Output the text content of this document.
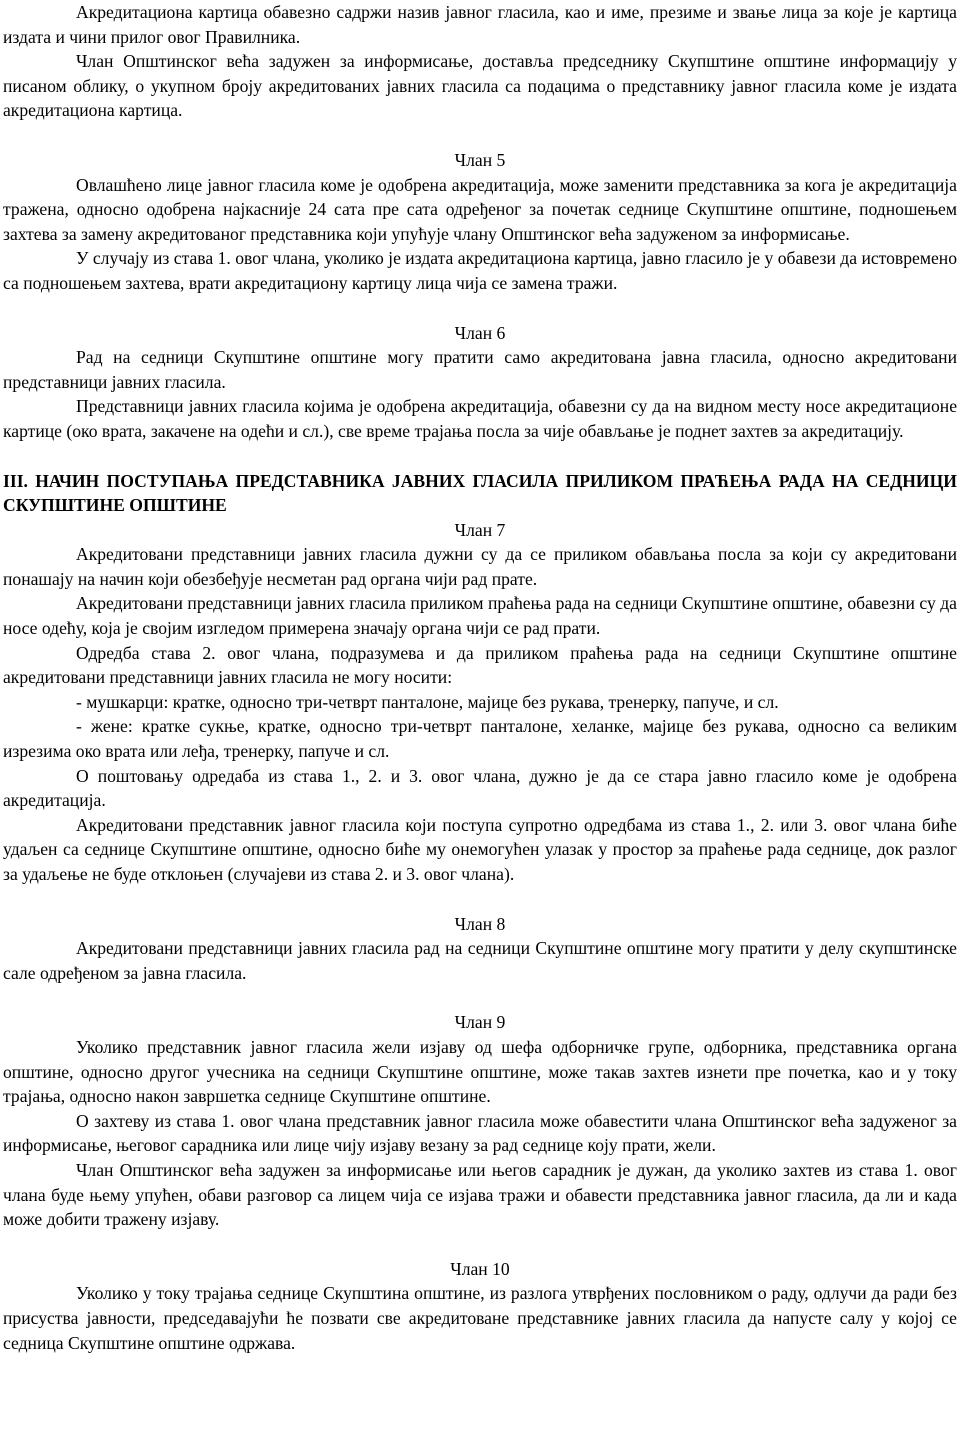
Акредитациона картица обавезно садржи назив јавног гласила, као и име, презиме и звање лица за које је картица издата и чини прилог овог Правилника.

Члан Општинског већа задужен за информисање, доставља председнику Скупштине општине информацију у писаном облику, о укупном броју акредитованих јавних гласила са подацима о представнику јавног гласила коме је издата акредитациона картица.

Члан 5

Овлашћено лице јавног гласила коме је одобрена акредитација, може заменити представника за кога је акредитација тражена, односно одобрена најкасније 24 сата пре сата одређеног за почетак седнице Скупштине општине, подношењем захтева за замену акредитованог представника који упућује члану Општинског већа задуженом за информисање.

У случају из става 1. овог члана, уколико је издата акредитациона картица, јавно гласило је у обавези да истовремено са подношењем захтева, врати акредитациону картицу лица чија се замена тражи.

Члан 6

Рад на седници Скупштине општине могу пратити само акредитована јавна гласила, односно акредитовани представници јавних гласила.

Представници јавних гласила којима је одобрена акредитација, обавезни су да на видном месту носе акредитационе картице (око врата, закачене на одећи и сл.), све време трајања посла за чије обављање је поднет захтев за акредитацију.

III. НАЧИН ПОСТУПАЊА ПРЕДСТАВНИКА ЈАВНИХ ГЛАСИЛА ПРИЛИКОМ ПРАЋЕЊА РАДА НА СЕДНИЦИ СКУПШТИНЕ ОПШТИНЕ

Члан 7

Акредитовани представници јавних гласила дужни су да се приликом обављања посла за који су акредитовани понашају на начин који обезбеђује несметан рад органа чији рад прате.

Акредитовани представници јавних гласила приликом праћења рада на седници Скупштине општине, обавезни су да носе одећу, која је својим изгледом примерена значају органа чији се рад прати.

Одредба става 2. овог члана, подразумева и да приликом праћења рада на седници Скупштине општине акредитовани представници јавних гласила не могу носити:

- мушкарци: кратке, односно три-четврт панталоне, мајице без рукава, тренерку, папуче, и сл.

- жене: кратке сукње, кратке, односно три-четврт панталоне, хеланке, мајице без рукава, односно са великим изрезима око врата или леђа, тренерку, папуче и сл.

О поштовању одредаба из става 1., 2. и 3. овог члана, дужно је да се стара јавно гласило коме је одобрена акредитација.

Акредитовани представник јавног гласила који поступа супротно одредбама из става 1., 2. или 3. овог члана биће удаљен са седнице Скупштине општине, односно биће му онемогућен улазак у простор за праћење рада седнице, док разлог за удаљење не буде отклоњен (случајеви из става 2. и 3. овог члана).

Члан 8

Акредитовани представници јавних гласила рад на седници Скупштине општине могу пратити у делу скупштинске сале одређеном за јавна гласила.

Члан 9

Уколико представник јавног гласила жели изјаву од шефа одборничке групе, одборника, представника органа општине, односно другог учесника на седници Скупштине општине, може такав захтев изнети пре почетка, као и у току трајања, односно након завршетка седнице Скупштине општине.

О захтеву из става 1. овог члана представник јавног гласила може обавестити члана Општинског већа задуженог за информисање, његовог сарадника или лице чију изјаву везану за рад седнице коју прати, жели.

Члан Општинског већа задужен за информисање или његов сарадник је дужан, да уколико захтев из става 1. овог члана буде њему упућен, обави разговор са лицем чија се изјава тражи и обавести представника јавног гласила, да ли и када може добити тражену изјаву.

Члан 10

Уколико у току трајања седнице Скупштина општине, из разлога утврђених пословником о раду, одлучи да ради без присуства јавности, председавајући ће позвати све акредитоване представнике јавних гласила да напусте салу у којој се седница Скупштине општине одржава.
